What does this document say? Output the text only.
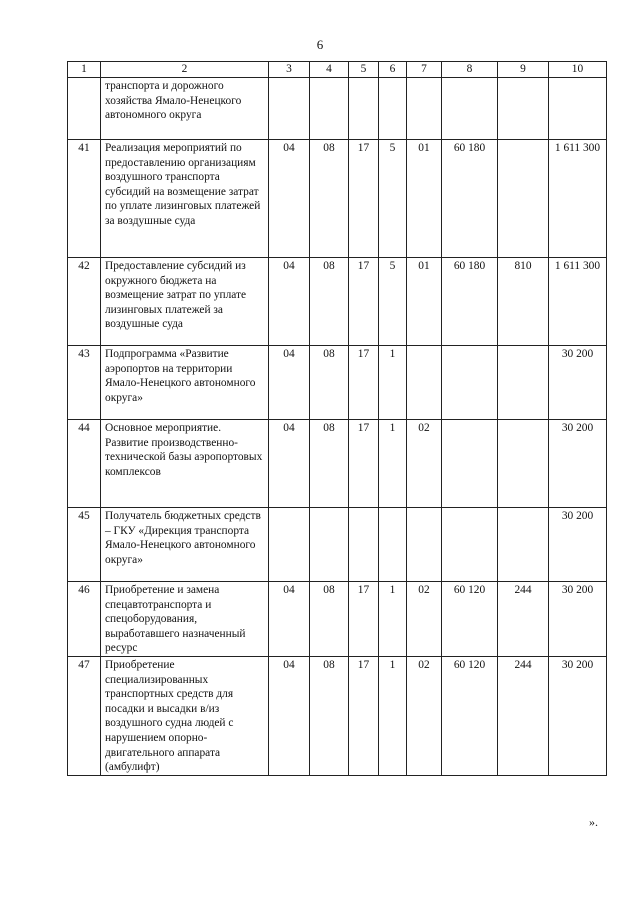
6
1	2	3	4	5	6	7	8	9	10
	транспорта и дорожного хозяйства Ямало-Ненецкого автономного округа								
41	Реализация мероприятий по предоставлению организациям воздушного транспорта субсидий на возмещение затрат по уплате лизинговых платежей за воздушные суда	04	08	17	5	01	60 180		1 611 300
42	Предоставление субсидий из окружного бюджета на возмещение затрат по уплате лизинговых платежей за воздушные суда	04	08	17	5	01	60 180	810	1 611 300
43	Подпрограмма «Развитие аэропортов на территории Ямало-Ненецкого автономного округа»	04	08	17	1				30 200
44	Основное мероприятие. Развитие производственно-технической базы аэропортовых комплексов	04	08	17	1	02			30 200
45	Получатель бюджетных средств – ГКУ «Дирекция транспорта Ямало-Ненецкого автономного округа»								30 200
46	Приобретение и замена спецавтотранспорта и спецоборудования, выработавшего назначенный ресурс	04	08	17	1	02	60 120	244	30 200
47	Приобретение специализированных транспортных средств для посадки и высадки в/из воздушного судна людей с нарушением опорно-двигательного аппарата (амбулифт)	04	08	17	1	02	60 120	244	30 200
».
